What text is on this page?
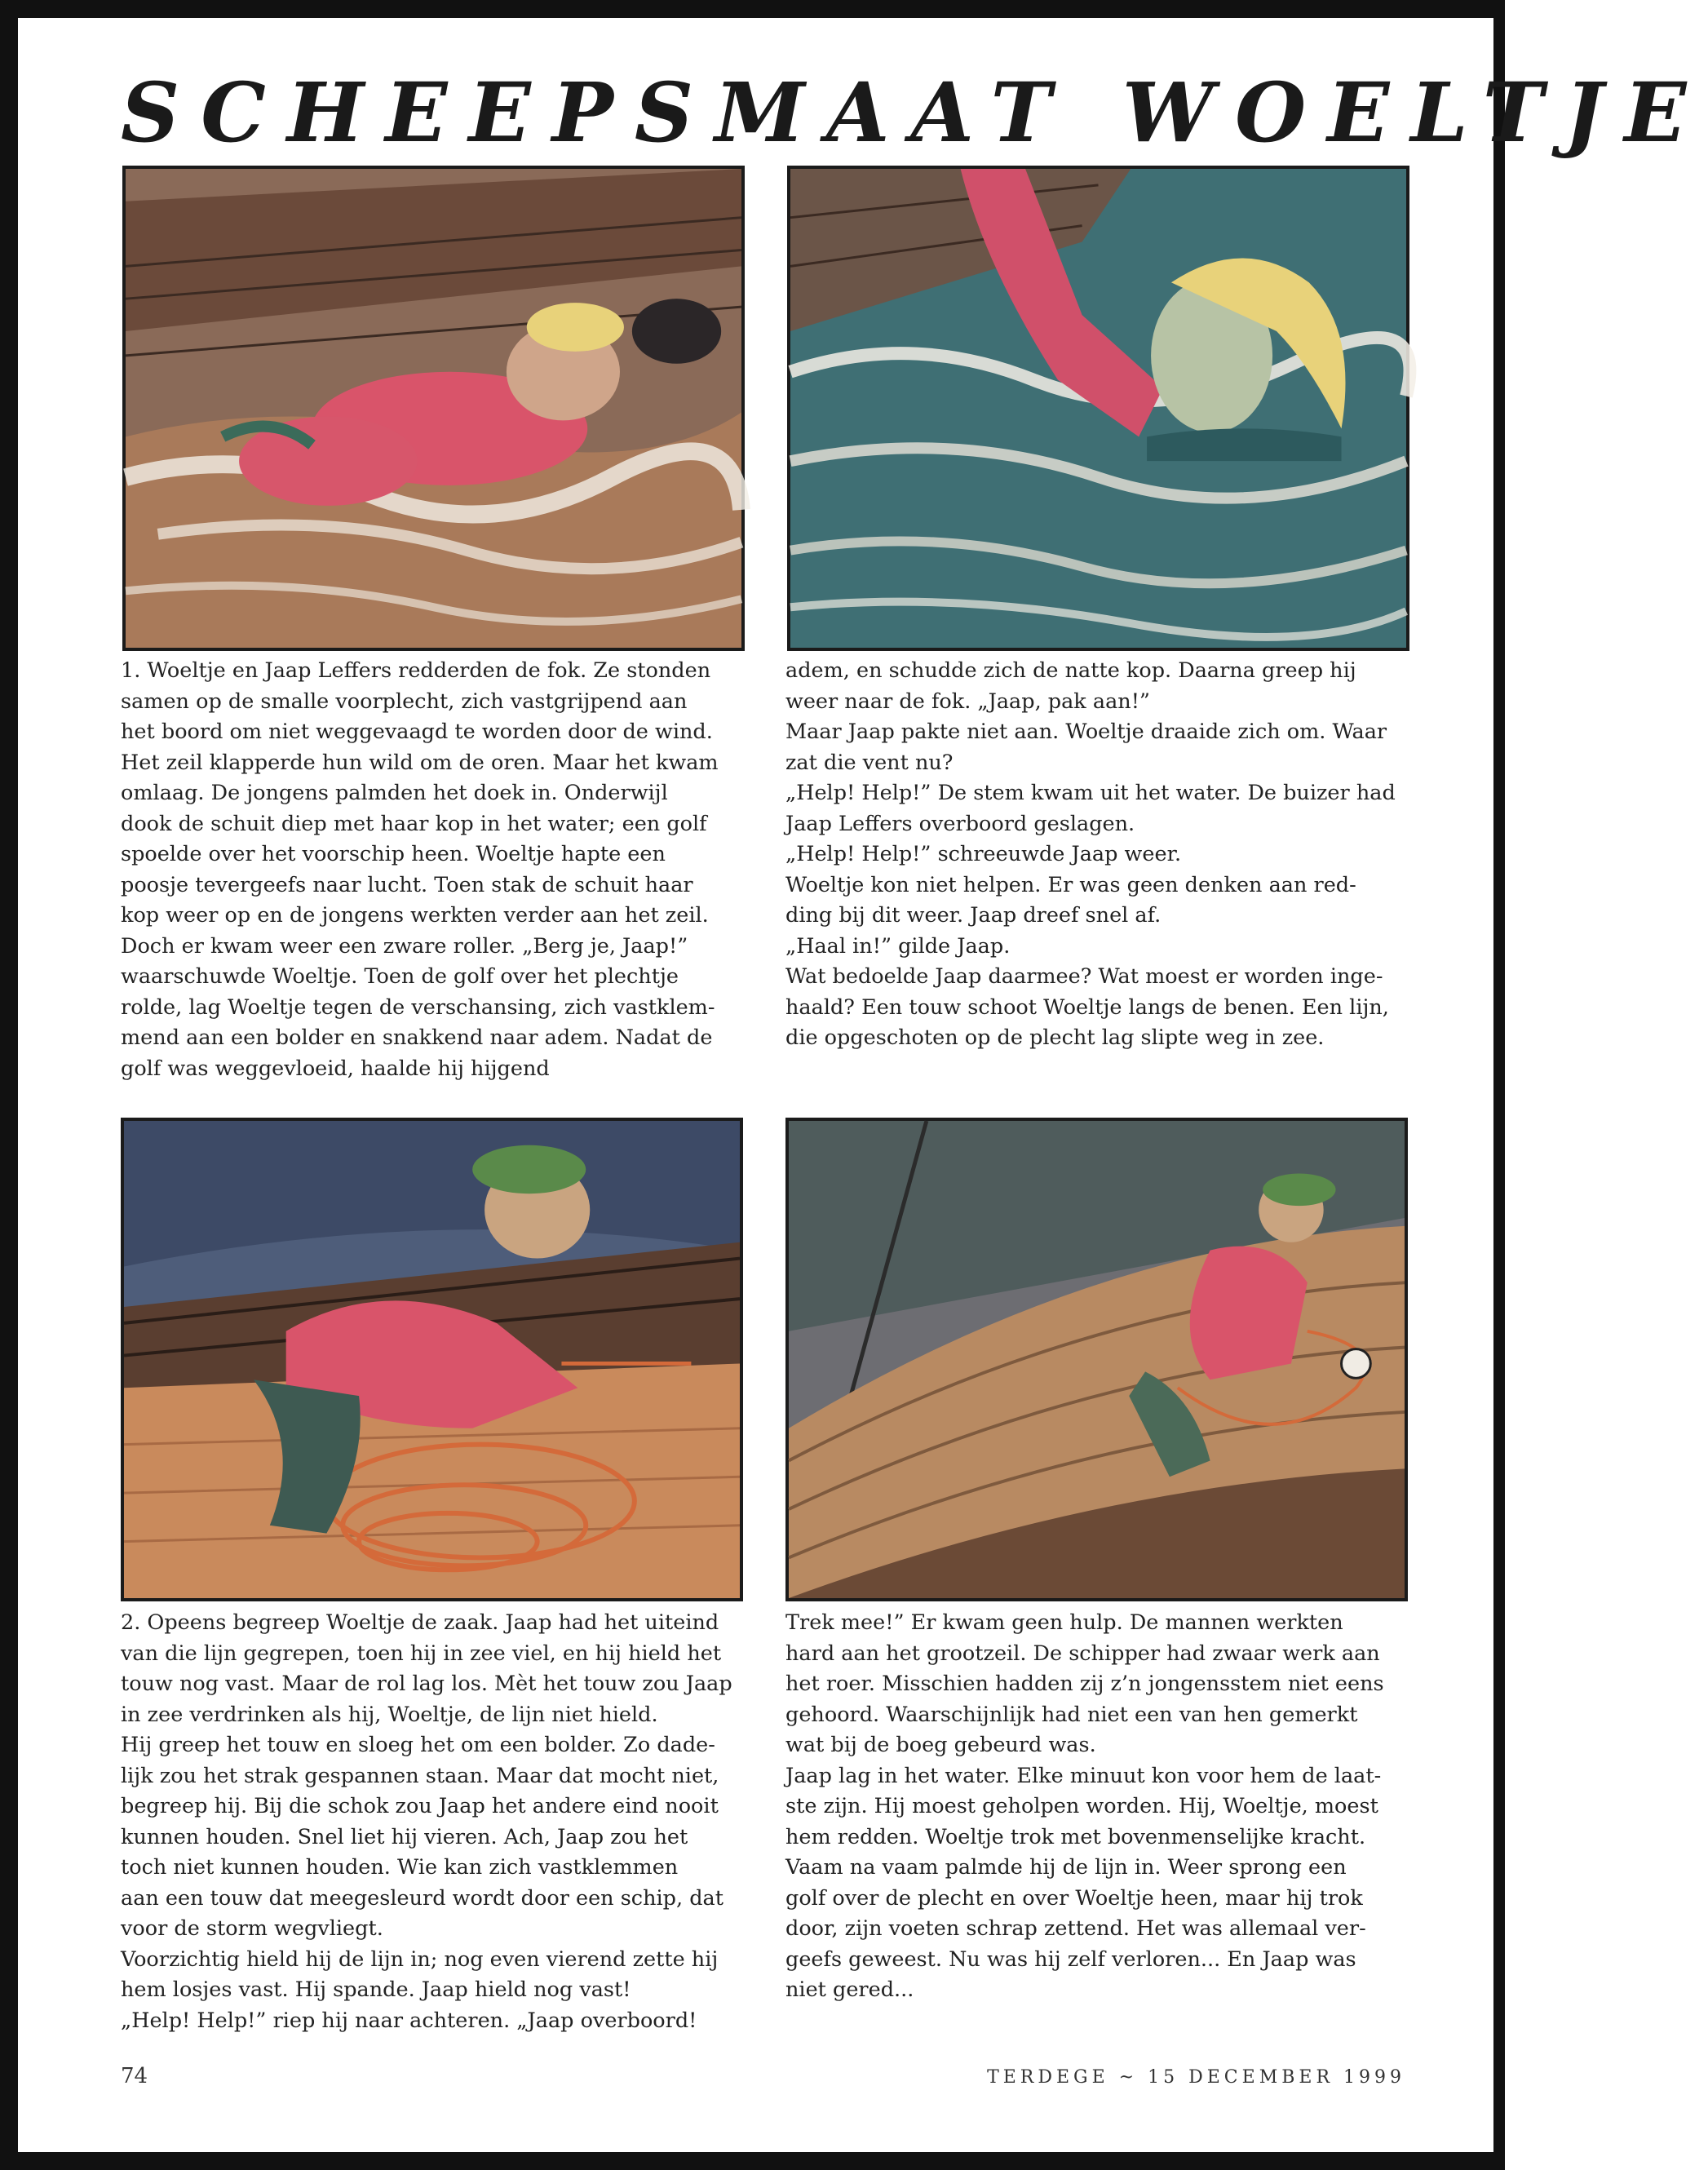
SCHEEPSMAAT WOELTJE

1. Woeltje en Jaap Leffers redderden de fok. Ze stonden

samen op de smalle voorplecht, zich vastgrijpend aan

het boord om niet weggevaagd te worden door de wind.

Het zeil klapperde hun wild om de oren. Maar het kwam

omlaag. De jongens palmden het doek in. Onderwijl

dook de schuit diep met haar kop in het water; een golf

spoelde over het voorschip heen. Woeltje hapte een

poosje tevergeefs naar lucht. Toen stak de schuit haar

kop weer op en de jongens werkten verder aan het zeil.

Doch er kwam weer een zware roller. „Berg je, Jaap!”

waarschuwde Woeltje. Toen de golf over het plechtje

rolde, lag Woeltje tegen de verschansing, zich vastklem-

mend aan een bolder en snakkend naar adem. Nadat de

golf was weggevloeid, haalde hij hijgend

adem, en schudde zich de natte kop. Daarna greep hij

weer naar de fok. „Jaap, pak aan!”

Maar Jaap pakte niet aan. Woeltje draaide zich om. Waar

zat die vent nu?

„Help! Help!” De stem kwam uit het water. De buizer had

Jaap Leffers overboord geslagen.

„Help! Help!” schreeuwde Jaap weer.

Woeltje kon niet helpen. Er was geen denken aan red-

ding bij dit weer. Jaap dreef snel af.

„Haal in!” gilde Jaap.

Wat bedoelde Jaap daarmee? Wat moest er worden inge-

haald? Een touw schoot Woeltje langs de benen. Een lijn,

die opgeschoten op de plecht lag slipte weg in zee.

2. Opeens begreep Woeltje de zaak. Jaap had het uiteind

van die lijn gegrepen, toen hij in zee viel, en hij hield het

touw nog vast. Maar de rol lag los. Mèt het touw zou Jaap

in zee verdrinken als hij, Woeltje, de lijn niet hield.

Hij greep het touw en sloeg het om een bolder. Zo dade-

lijk zou het strak gespannen staan. Maar dat mocht niet,

begreep hij. Bij die schok zou Jaap het andere eind nooit

kunnen houden. Snel liet hij vieren. Ach, Jaap zou het

toch niet kunnen houden. Wie kan zich vastklemmen

aan een touw dat meegesleurd wordt door een schip, dat

voor de storm wegvliegt.

Voorzichtig hield hij de lijn in; nog even vierend zette hij

hem losjes vast. Hij spande. Jaap hield nog vast!

„Help! Help!” riep hij naar achteren. „Jaap overboord!

Trek mee!” Er kwam geen hulp. De mannen werkten

hard aan het grootzeil. De schipper had zwaar werk aan

het roer. Misschien hadden zij z’n jongensstem niet eens

gehoord. Waarschijnlijk had niet een van hen gemerkt

wat bij de boeg gebeurd was.

Jaap lag in het water. Elke minuut kon voor hem de laat-

ste zijn. Hij moest geholpen worden. Hij, Woeltje, moest

hem redden. Woeltje trok met bovenmenselijke kracht.

Vaam na vaam palmde hij de lijn in. Weer sprong een

golf over de plecht en over Woeltje heen, maar hij trok

door, zijn voeten schrap zettend. Het was allemaal ver-

geefs geweest. Nu was hij zelf verloren... En Jaap was

niet gered...

74	TERDEGE ~ 15 DECEMBER 1999
